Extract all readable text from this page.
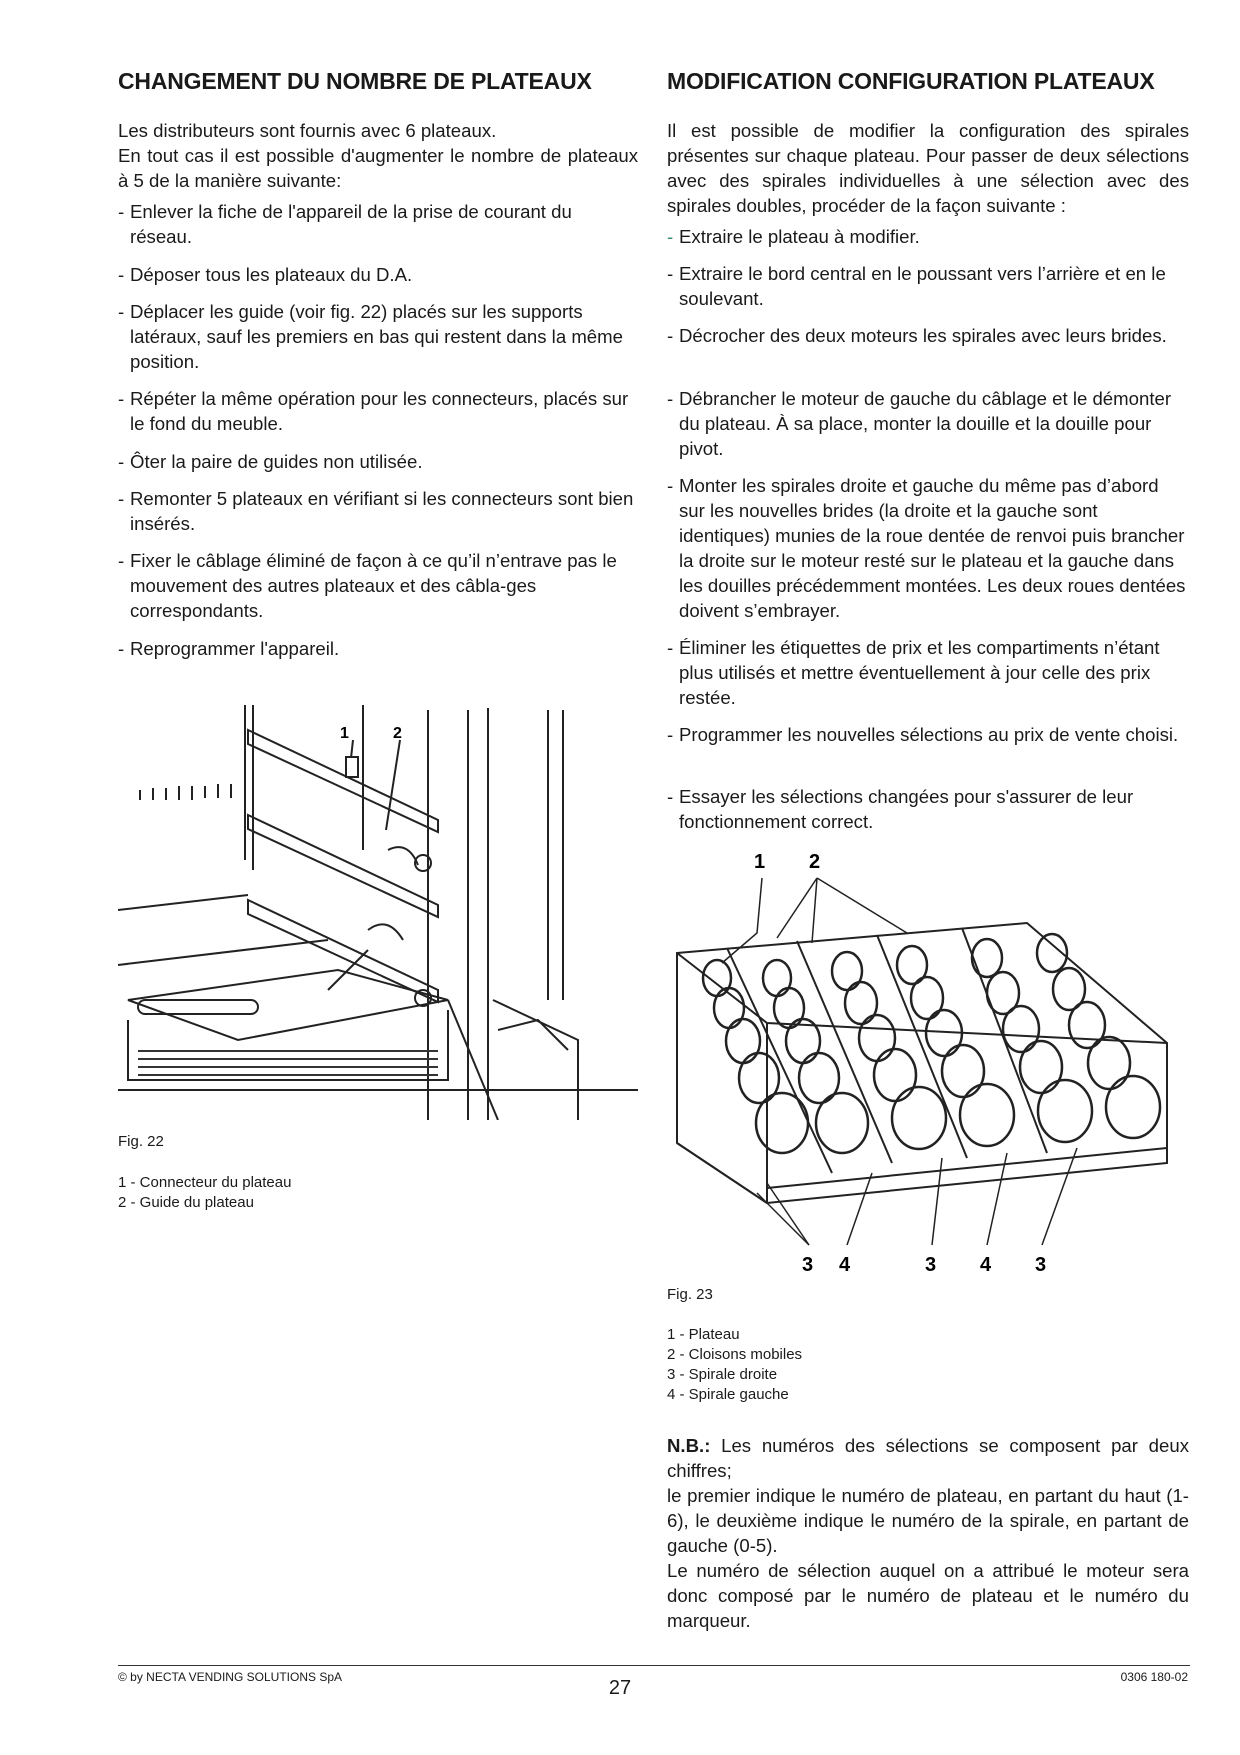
CHANGEMENT DU NOMBRE DE PLATEAUX
Les distributeurs sont fournis avec 6 plateaux.
En tout cas il est possible d'augmenter le nombre de plateaux à 5 de la manière suivante:
- Enlever la fiche de l'appareil de la prise de courant du réseau.
- Déposer tous les plateaux du D.A.
- Déplacer les guide (voir fig. 22) placés sur les supports latéraux, sauf les premiers en bas qui restent dans la même position.
- Répéter la même opération pour les connecteurs, placés sur le fond du meuble.
- Ôter la paire de guides non utilisée.
- Remonter 5 plateaux en vérifiant si les connecteurs sont bien insérés.
- Fixer le câblage éliminé de façon à ce qu’il n’entrave pas le mouvement des autres plateaux et des câbla-ges correspondants.
- Reprogrammer l'appareil.
1	2
Fig. 22
1 - Connecteur du plateau
2 - Guide du plateau
MODIFICATION CONFIGURATION PLATEAUX
Il est possible de modifier la configuration des spirales présentes sur chaque plateau. Pour passer de deux sélections avec des spirales individuelles à une sélection avec des spirales doubles, procéder de la façon suivante :
- Extraire le plateau à modifier.
- Extraire le bord central en le poussant vers l’arrière et en le soulevant.
- Décrocher des deux moteurs les spirales avec leurs brides.
- Débrancher le moteur de gauche du câblage et le démonter du plateau. À sa place, monter la douille et la douille pour pivot.
- Monter les spirales droite et gauche du même pas d’abord sur les nouvelles brides (la droite et la gauche sont identiques) munies de la roue dentée de renvoi puis brancher la droite sur le moteur resté sur le plateau et la gauche dans les douilles précédemment montées. Les deux roues dentées doivent s’embrayer.
- Éliminer les étiquettes de prix et les compartiments n’étant plus utilisés et mettre éventuellement à jour celle des prix restée.
- Programmer les nouvelles sélections au prix de vente choisi.
- Essayer les sélections changées pour s'assurer de leur fonctionnement correct.
1 2
3 4	3 4 3
Fig. 23
1 - Plateau
2 - Cloisons mobiles
3 - Spirale droite
4 - Spirale gauche
N.B.: Les numéros des sélections se composent par deux chiffres;
le premier indique le numéro de plateau, en partant du haut (1-6), le deuxième indique le numéro de la spirale, en partant de gauche (0-5).
Le numéro de sélection auquel on a attribué le moteur sera donc composé par le numéro de plateau et le numéro du marqueur.
© by NECTA VENDING SOLUTIONS SpA	27	0306 180-02
